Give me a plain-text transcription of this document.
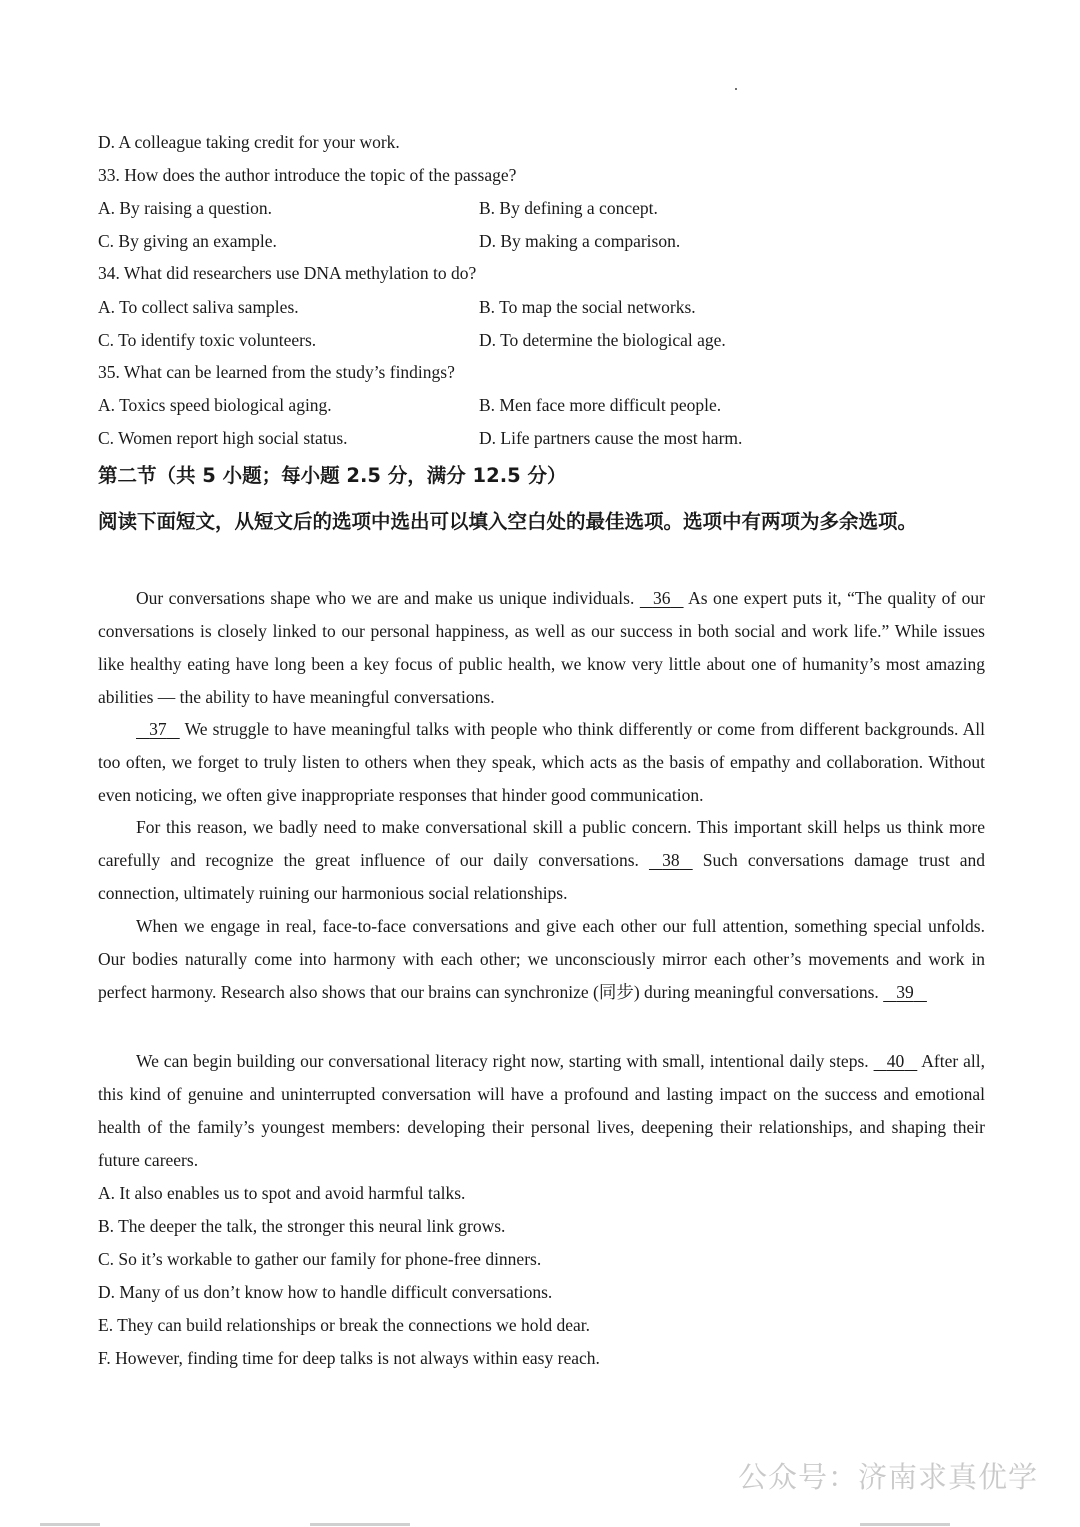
D. A colleague taking credit for your work.
33. How does the author introduce the topic of the passage?
A. By raising a question.	B. By defining a concept.
C. By giving an example.	D. By making a comparison.
34. What did researchers use DNA methylation to do?
A. To collect saliva samples.	B. To map the social networks.
C. To identify toxic volunteers.	D. To determine the biological age.
35. What can be learned from the study’s findings?
A. Toxics speed biological aging.	B. Men face more difficult people.
C. Women report high social status.	D. Life partners cause the most harm.
第二节（共 5 小题；每小题 2.5 分，满分 12.5 分）
阅读下面短文，从短文后的选项中选出可以填入空白处的最佳选项。选项中有两项为多余选项。
Our conversations shape who we are and make us unique individuals. 36 As one expert puts it, “The quality of our conversations is closely linked to our personal happiness, as well as our success in both social and work life.” While issues like healthy eating have long been a key focus of public health, we know very little about one of humanity’s most amazing abilities — the ability to have meaningful conversations.
37 We struggle to have meaningful talks with people who think differently or come from different backgrounds. All too often, we forget to truly listen to others when they speak, which acts as the basis of empathy and collaboration. Without even noticing, we often give inappropriate responses that hinder good communication.
For this reason, we badly need to make conversational skill a public concern. This important skill helps us think more carefully and recognize the great influence of our daily conversations. 38 Such conversations damage trust and connection, ultimately ruining our harmonious social relationships.
When we engage in real, face-to-face conversations and give each other our full attention, something special unfolds. Our bodies naturally come into harmony with each other; we unconsciously mirror each other’s movements and work in perfect harmony. Research also shows that our brains can synchronize (同步) during meaningful conversations. 39
We can begin building our conversational literacy right now, starting with small, intentional daily steps. 40 After all, this kind of genuine and uninterrupted conversation will have a profound and lasting impact on the success and emotional health of the family’s youngest members: developing their personal lives, deepening their relationships, and shaping their future careers.
A. It also enables us to spot and avoid harmful talks.
B. The deeper the talk, the stronger this neural link grows.
C. So it’s workable to gather our family for phone-free dinners.
D. Many of us don’t know how to handle difficult conversations.
E. They can build relationships or break the connections we hold dear.
F. However, finding time for deep talks is not always within easy reach.
公众号：济南求真优学
